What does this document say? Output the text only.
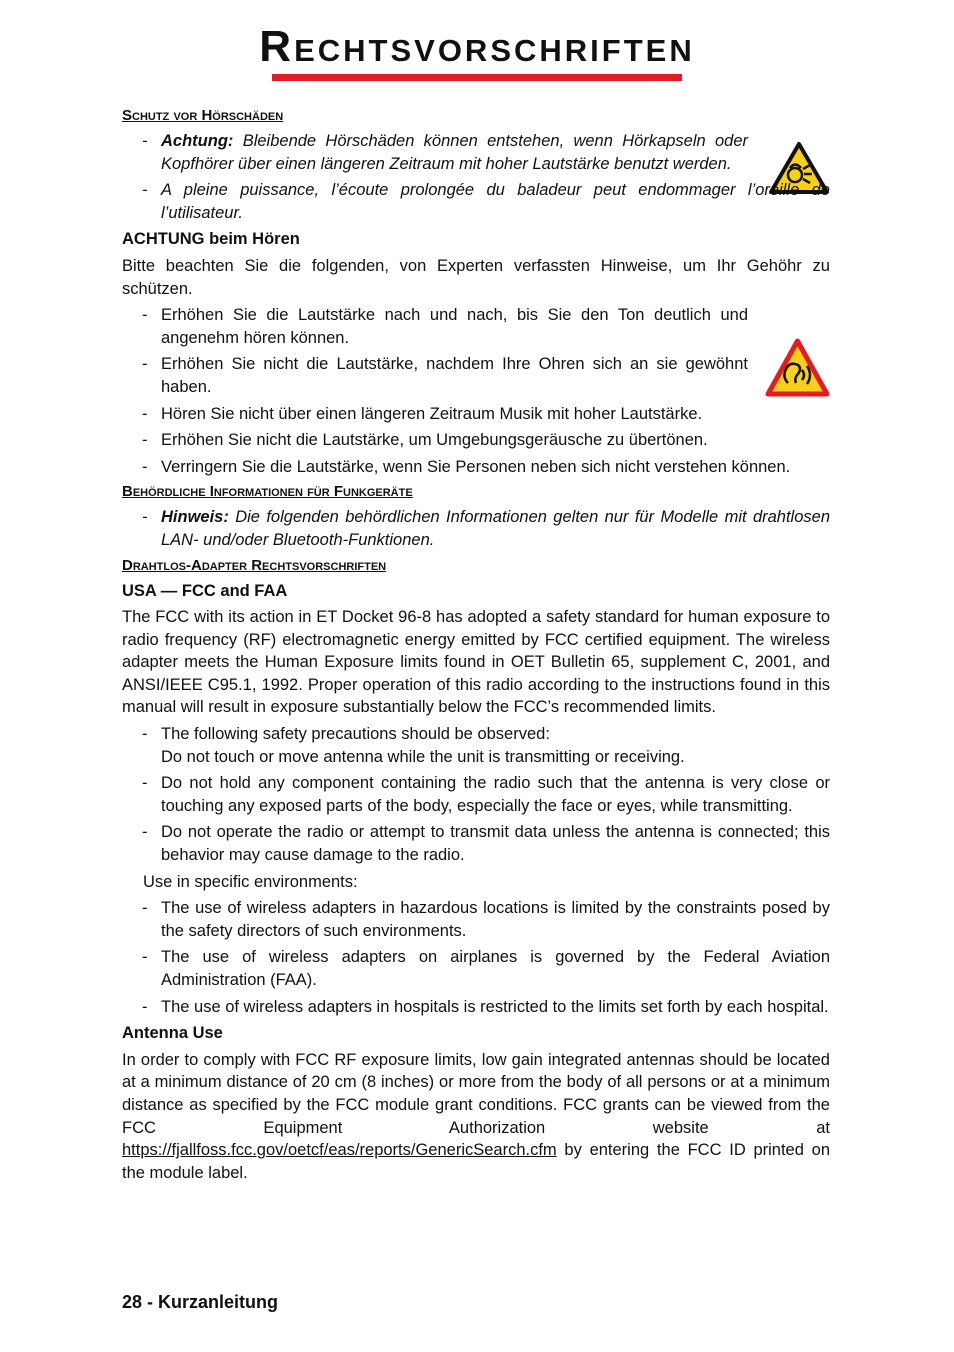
Rechtsvorschriften
Schutz vor Hörschäden
- Achtung: Bleibende Hörschäden können entstehen, wenn Hörkapseln oder Kopfhörer über einen längeren Zeitraum mit hoher Lautstärke benutzt werden.
- A pleine puissance, l’écoute prolongée du baladeur peut endommager l’oreille de l’utilisateur.
ACHTUNG beim Hören

Bitte beachten Sie die folgenden, von Experten verfassten Hinweise, um Ihr Gehöhr zu schützen.

- Erhöhen Sie die Lautstärke nach und nach, bis Sie den Ton deutlich und angenehm hören können.
- Erhöhen Sie nicht die Lautstärke, nachdem Ihre Ohren sich an sie gewöhnt haben.
- Hören Sie nicht über einen längeren Zeitraum Musik mit hoher Lautstärke.
- Erhöhen Sie nicht die Lautstärke, um Umgebungsgeräusche zu übertönen.
- Verringern Sie die Lautstärke, wenn Sie Personen neben sich nicht verstehen können.
Behördliche Informationen für Funkgeräte
- Hinweis: Die folgenden behördlichen Informationen gelten nur für Modelle mit drahtlosen LAN- und/oder Bluetooth-Funktionen.
Drahtlos-Adapter Rechtsvorschriften
USA — FCC and FAA

The FCC with its action in ET Docket 96-8 has adopted a safety standard for human exposure to radio frequency (RF) electromagnetic energy emitted by FCC certified equipment. The wireless adapter meets the Human Exposure limits found in OET Bulletin 65, supplement C, 2001, and ANSI/IEEE C95.1, 1992. Proper operation of this radio according to the instructions found in this manual will result in exposure substantially below the FCC’s recommended limits.

- The following safety precautions should be observed:
Do not touch or move antenna while the unit is transmitting or receiving.
- Do not hold any component containing the radio such that the antenna is very close or touching any exposed parts of the body, especially the face or eyes, while transmitting.
- Do not operate the radio or attempt to transmit data unless the antenna is connected; this behavior may cause damage to the radio.
Use in specific environments:
- The use of wireless adapters in hazardous locations is limited by the constraints posed by the safety directors of such environments.
- The use of wireless adapters on airplanes is governed by the Federal Aviation Administration (FAA).
- The use of wireless adapters in hospitals is restricted to the limits set forth by each hospital.
Antenna Use

In order to comply with FCC RF exposure limits, low gain integrated antennas should be located at a minimum distance of 20 cm (8 inches) or more from the body of all persons or at a minimum distance as specified by the FCC module grant conditions. FCC grants can be viewed from the FCC Equipment Authorization website at https://fjallfoss.fcc.gov/oetcf/eas/reports/GenericSearch.cfm by entering the FCC ID printed on the module label.

28 - Kurzanleitung
